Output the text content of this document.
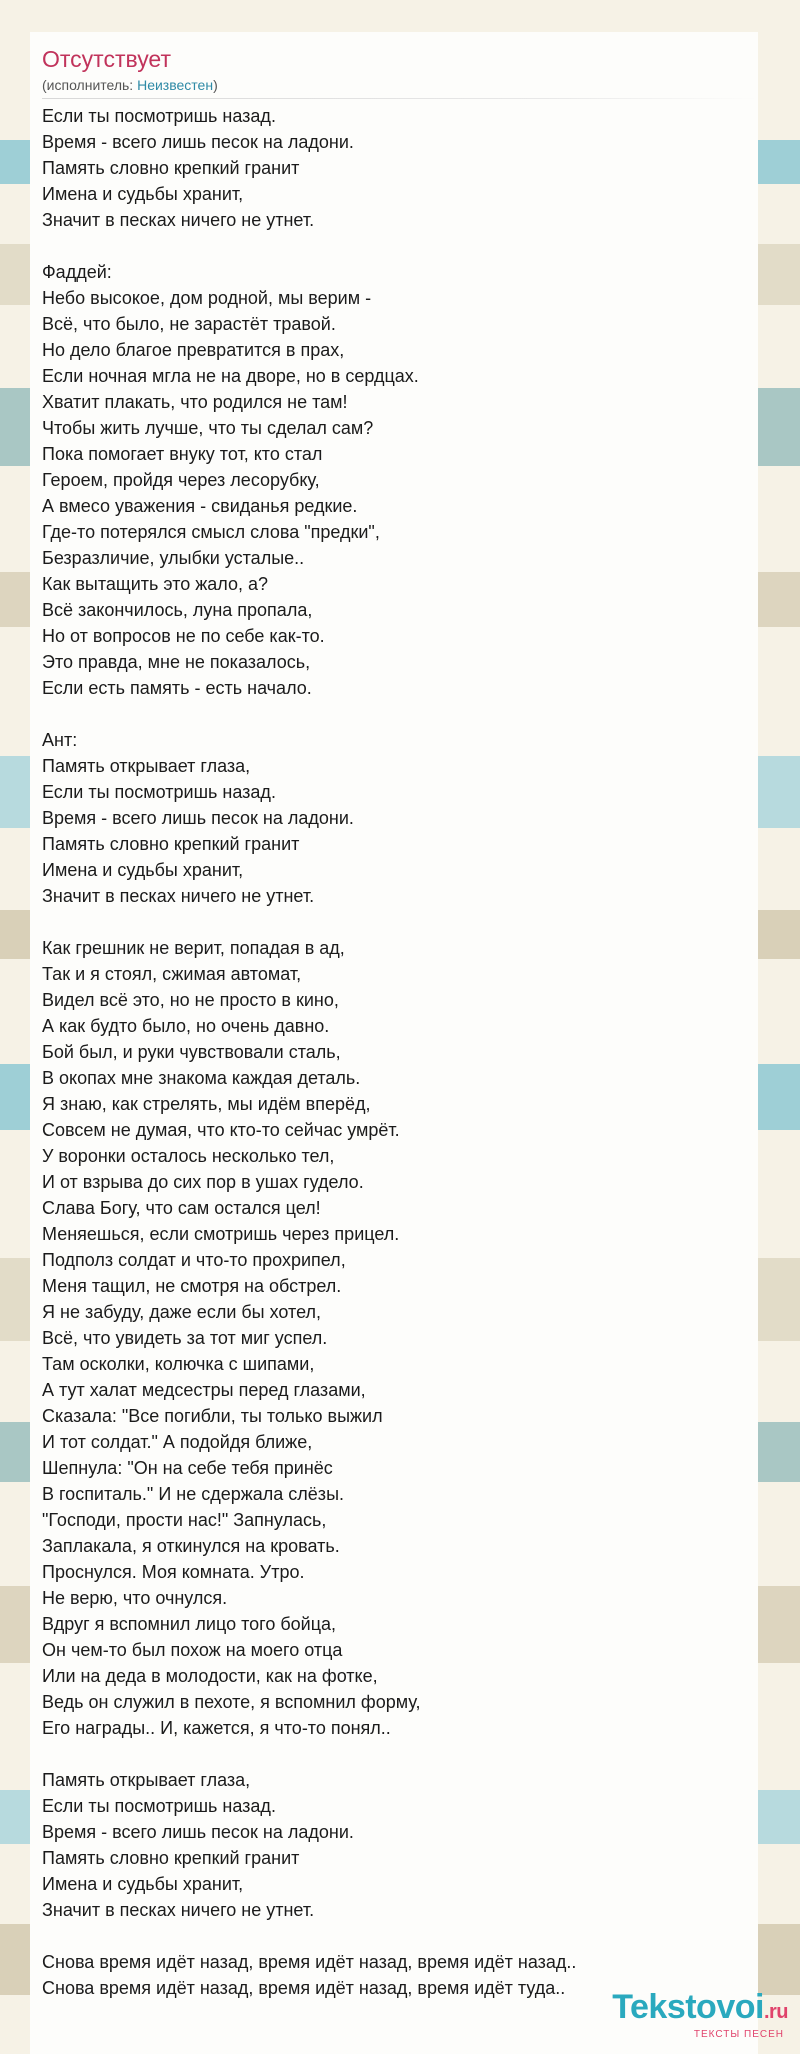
Отсутствует

(исполнитель: Неизвестен)

Если ты посмотришь назад.
Время - всего лишь песок на ладони.
Память словно крепкий гранит
Имена и судьбы хранит,
Значит в песках ничего не утнет.
Фаддей:
Небо высокое, дом родной, мы верим -
Всё, что было, не зарастёт травой.
Но дело благое превратится в прах,
Если ночная мгла не на дворе, но в сердцах.
Хватит плакать, что родился не там!
Чтобы жить лучше, что ты сделал сам?
Пока помогает внуку тот, кто стал
Героем, пройдя через лесорубку,
А вмесо уважения - свиданья редкие.
Где-то потерялся смысл слова "предки",
Безразличие, улыбки усталые..
Как вытащить это жало, а?
Всё закончилось, луна пропала,
Но от вопросов не по себе как-то.
Это правда, мне не показалось,
Если есть память - есть начало.
Ант:
Память открывает глаза,
Если ты посмотришь назад.
Время - всего лишь песок на ладони.
Память словно крепкий гранит
Имена и судьбы хранит,
Значит в песках ничего не утнет.
Как грешник не верит, попадая в ад,
Так и я стоял, сжимая автомат,
Видел всё это, но не просто в кино,
А как будто было, но очень давно.
Бой был, и руки чувствовали сталь,
В окопах мне знакома каждая деталь.
Я знаю, как стрелять, мы идём вперёд,
Совсем не думая, что кто-то сейчас умрёт.
У воронки осталось несколько тел,
И от взрыва до сих пор в ушах гудело.
Слава Богу, что сам остался цел!
Меняешься, если смотришь через прицел.
Подполз солдат и что-то прохрипел,
Меня тащил, не смотря на обстрел.
Я не забуду, даже если бы хотел,
Всё, что увидеть за тот миг успел.
Там осколки, колючка с шипами,
А тут халат медсестры перед глазами,
Сказала: "Все погибли, ты только выжил
И тот солдат." А подойдя ближе,
Шепнула: "Он на себе тебя принёс
В госпиталь." И не сдержала слёзы.
"Господи, прости нас!" Запнулась,
Заплакала, я откинулся на кровать.
Проснулся. Моя комната. Утро.
Не верю, что очнулся.
Вдруг я вспомнил лицо того бойца,
Он чем-то был похож на моего отца
Или на деда в молодости, как на фотке,
Ведь он служил в пехоте, я вспомнил форму,
Его награды.. И, кажется, я что-то понял..
Память открывает глаза,
Если ты посмотришь назад.
Время - всего лишь песок на ладони.
Память словно крепкий гранит
Имена и судьбы хранит,
Значит в песках ничего не утнет.
Снова время идёт назад, время идёт назад, время идёт назад..
Снова время идёт назад, время идёт назад, время идёт туда..	Tekstovoi.ru
ТЕКСТЫ ПЕСЕН
